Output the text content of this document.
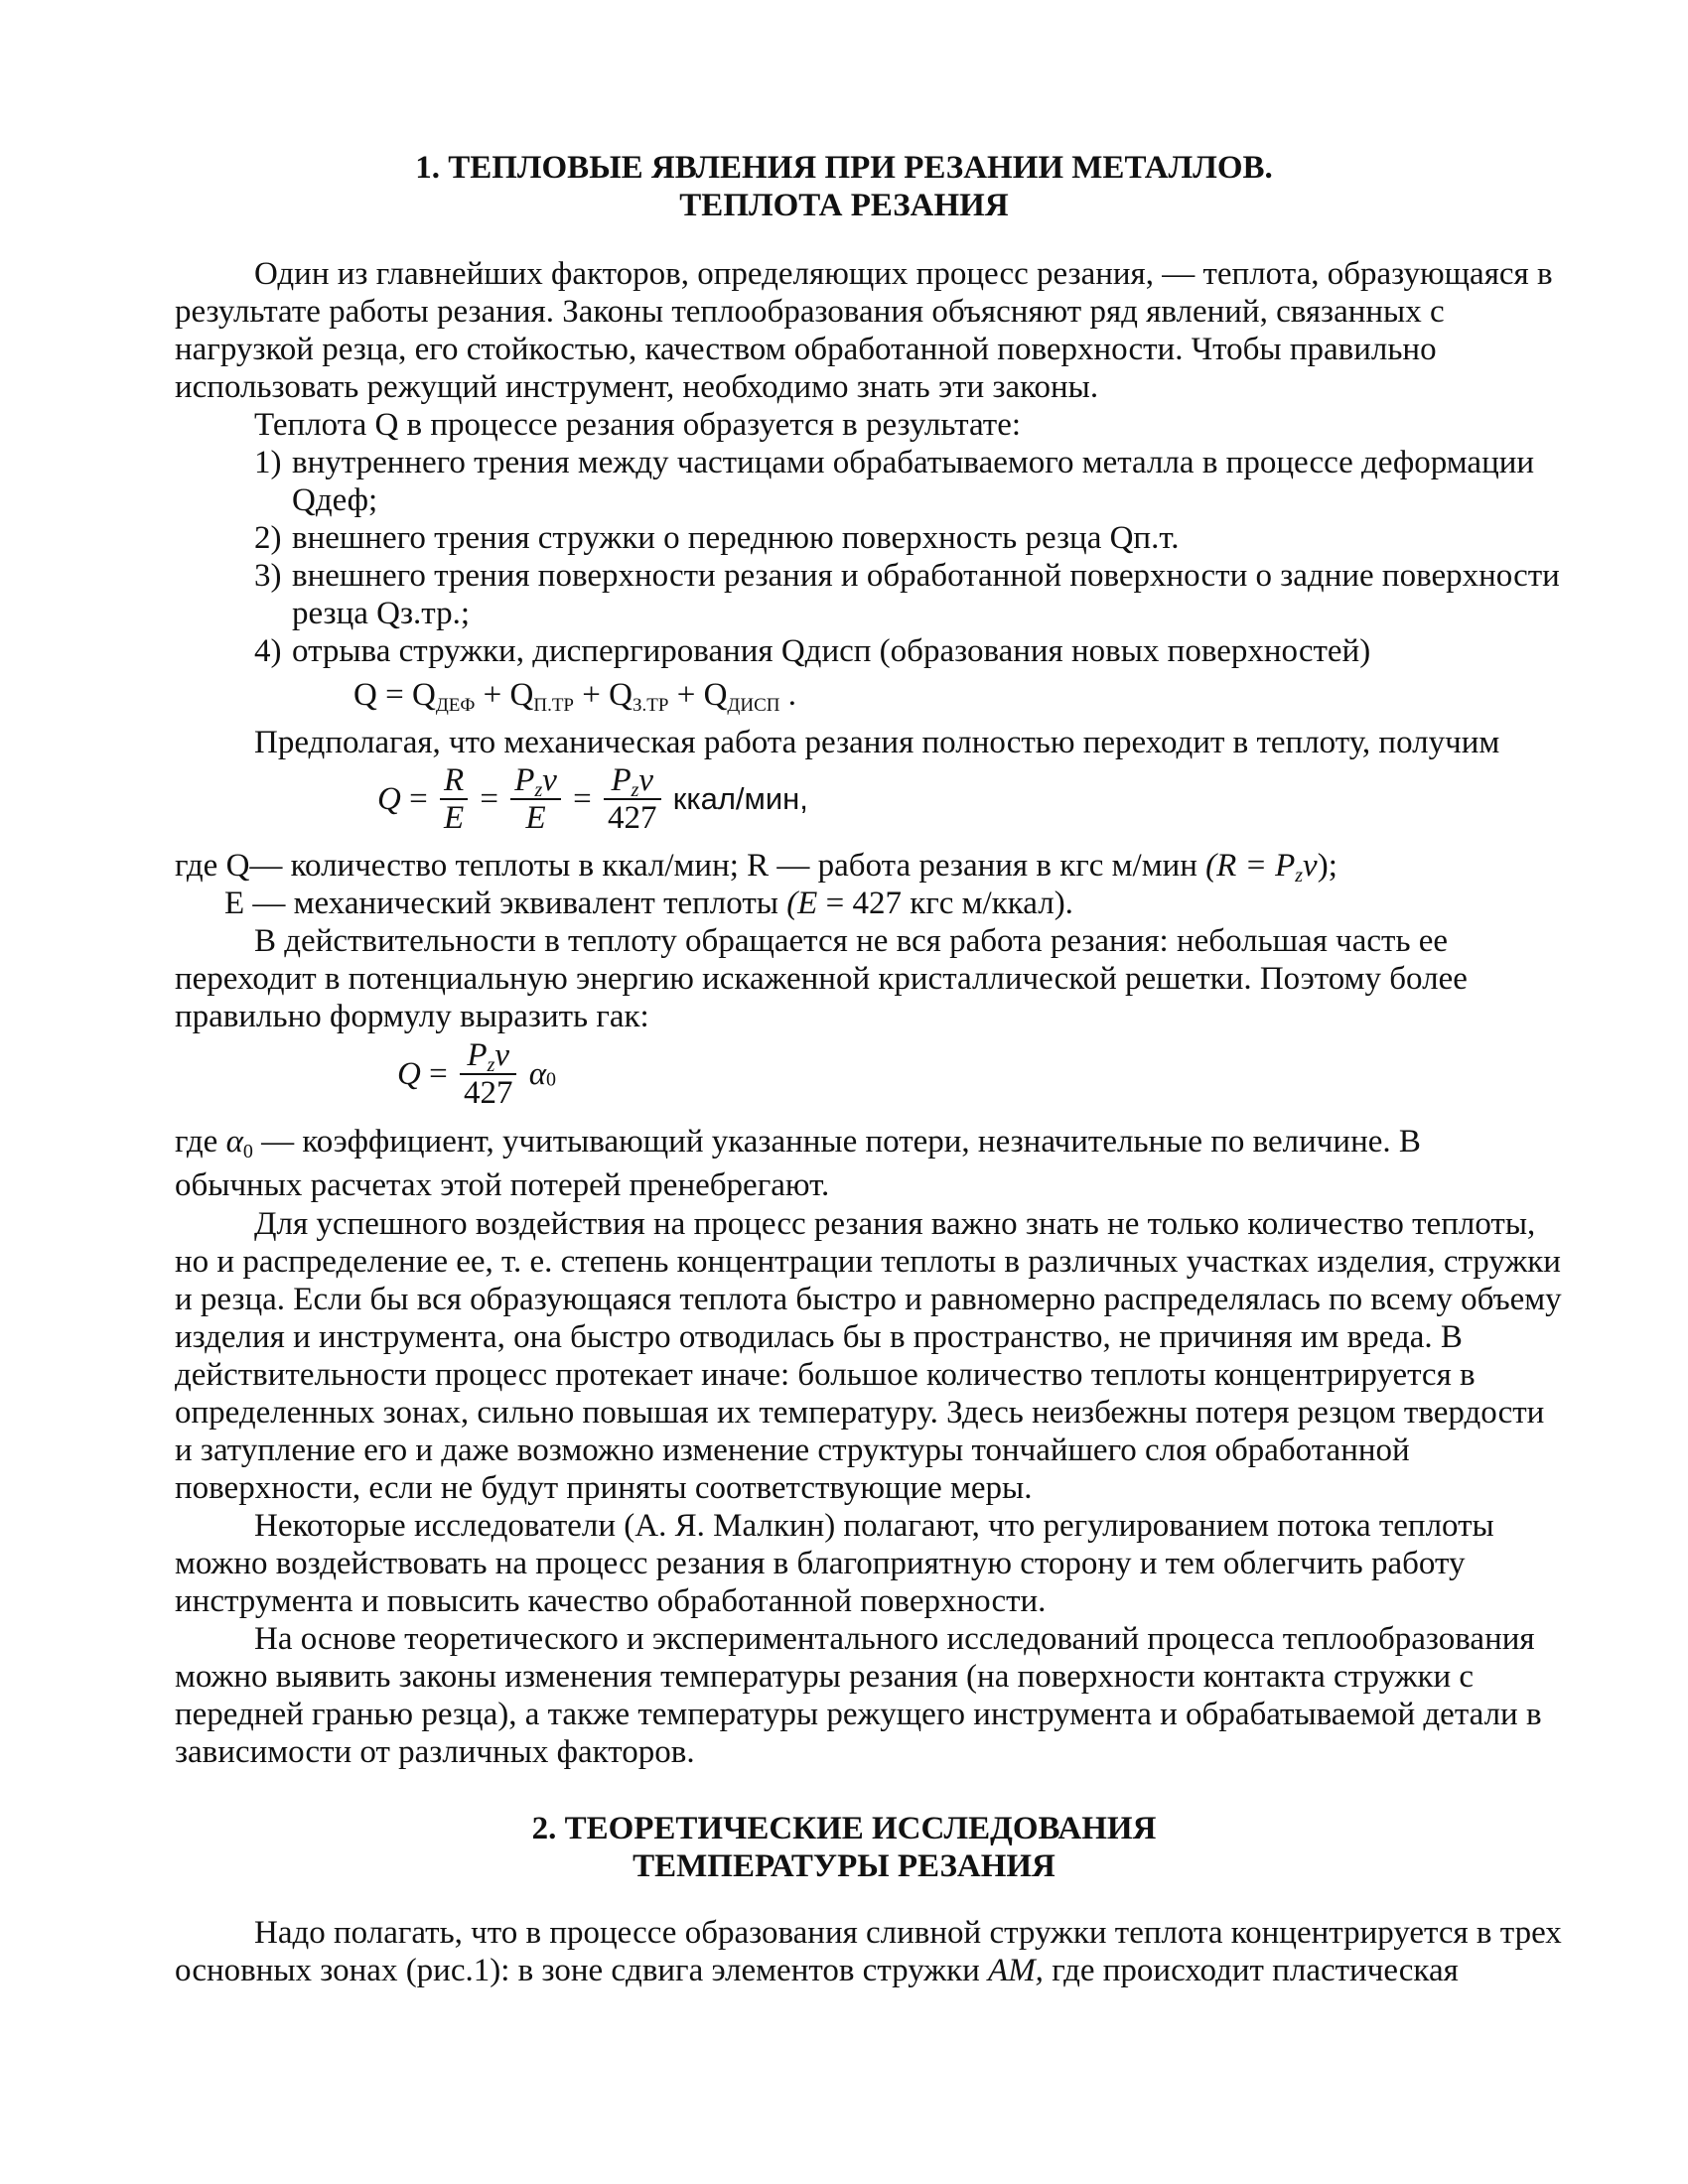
1. ТЕПЛОВЫЕ ЯВЛЕНИЯ ПРИ РЕЗАНИИ МЕТАЛЛОВ.
ТЕПЛОТА РЕЗАНИЯ
Один из главнейших факторов, определяющих процесс резания, — теплота, образующаяся в
результате работы резания. Законы теплообразования объясняют ряд явлений, связанных с
нагрузкой резца, его стойкостью, качеством обработанной поверхности. Чтобы правильно
использовать режущий инструмент, необходимо знать эти законы.
Теплота Q в процессе резания образуется в результате:
1) внутреннего трения между частицами обрабатываемого металла в процессе деформации
Qдеф;
2) внешнего трения стружки о переднюю поверхность резца Qп.т.
3) внешнего трения поверхности резания и обработанной поверхности о задние поверхности
резца Qз.тр.;
4) отрыва стружки, диспергирования Qдисп (образования новых поверхностей)
$Q = Q_{ДЕФ} + Q_{П.ТР} + Q_{З.ТР} + Q_{ДИСП}$ .
Предполагая, что механическая работа резания полностью переходит в теплоту, получим
$Q = \frac{R}{E} = \frac{P_zv}{E} = \frac{P_zv}{427}$ ккал/мин,
где Q— количество теплоты в ккал/мин; R — работа резания в кгс м/мин $(R = P_zv)$;
E — механический эквивалент теплоты (E = 427 кгс м/ккал).
В действительности в теплоту обращается не вся работа резания: небольшая часть ее
переходит в потенциальную энергию искаженной кристаллической решетки. Поэтому более
правильно формулу выразить гак:
$Q = \frac{P_zv}{427} \alpha_0$
где $\alpha_0$ — коэффициент, учитывающий указанные потери, незначительные по величине. В
обычных расчетах этой потерей пренебрегают.
Для успешного воздействия на процесс резания важно знать не только количество теплоты,
но и распределение ее, т. е. степень концентрации теплоты в различных участках изделия, стружки
и резца. Если бы вся образующаяся теплота быстро и равномерно распределялась по всему объему
изделия и инструмента, она быстро отводилась бы в пространство, не причиняя им вреда. В
действительности процесс протекает иначе: большое количество теплоты концентрируется в
определенных зонах, сильно повышая их температуру. Здесь неизбежны потеря резцом твердости
и затупление его и даже возможно изменение структуры тончайшего слоя обработанной
поверхности, если не будут приняты соответствующие меры.
Некоторые исследователи (А. Я. Малкин) полагают, что регулированием потока теплоты
можно воздействовать на процесс резания в благоприятную сторону и тем облегчить работу
инструмента и повысить качество обработанной поверхности.
На основе теоретического и экспериментального исследований процесса теплообразования
можно выявить законы изменения температуры резания (на поверхности контакта стружки с
передней гранью резца), а также температуры режущего инструмента и обрабатываемой детали в
зависимости от различных факторов.
2. ТЕОРЕТИЧЕСКИЕ ИССЛЕДОВАНИЯ
ТЕМПЕРАТУРЫ РЕЗАНИЯ
Надо полагать, что в процессе образования сливной стружки теплота концентрируется в трех
основных зонах (рис.1): в зоне сдвига элементов стружки AM, где происходит пластическая
